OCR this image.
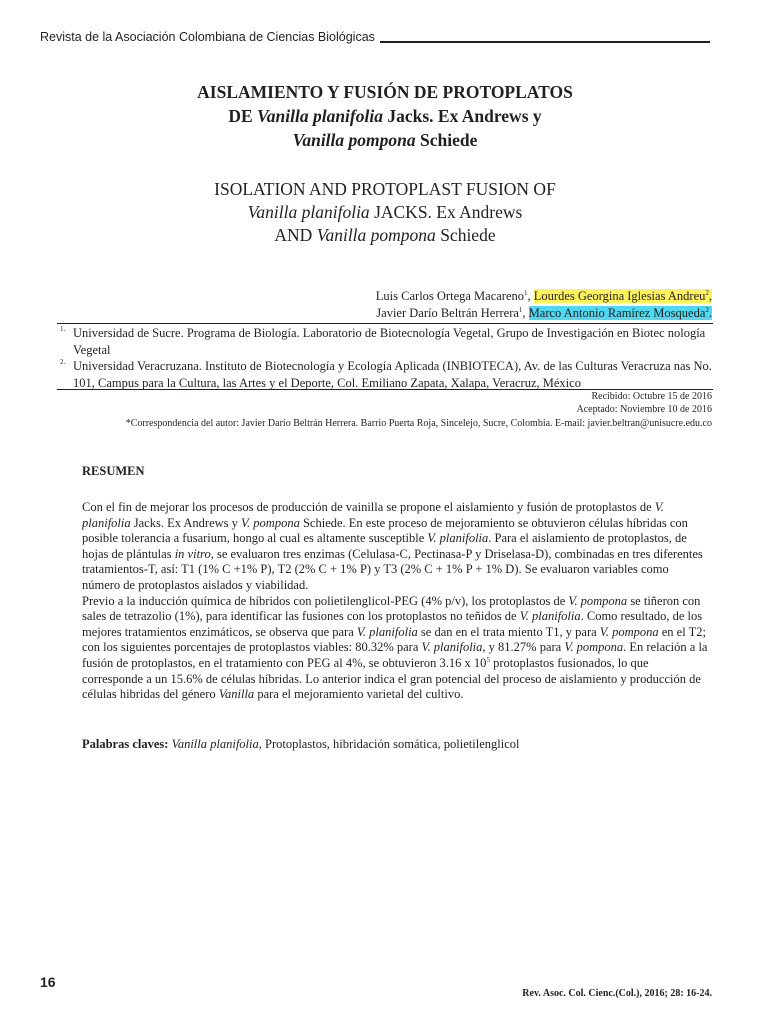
Revista de la Asociación Colombiana de Ciencias Biológicas
AISLAMIENTO Y FUSIÓN DE PROTOPLATOS
DE Vanilla planifolia Jacks. Ex Andrews y
Vanilla pompona Schiede
ISOLATION AND PROTOPLAST FUSION OF
Vanilla planifolia JACKS. Ex Andrews
AND Vanilla pompona Schiede
Luis Carlos Ortega Macareno$^1$, Lourdes Georgina Iglesias Andreu$^2$,
Javier Darío Beltrán Herrera$^1$, Marco Antonio Ramírez Mosqueda$^2$.
1. Universidad de Sucre. Programa de Biología. Laboratorio de Biotecnología Vegetal, Grupo de Investigación en Biotec nología Vegetal
2. Universidad Veracruzana. Instituto de Biotecnología y Ecología Aplicada (INBIOTECA), Av. de las Culturas Veracruza nas No. 101, Campus para la Cultura, las Artes y el Deporte, Col. Emiliano Zapata, Xalapa, Veracruz, México
Recibido: Octubre 15 de 2016
Aceptado: Noviembre 10 de 2016
*Correspondencia del autor: Javier Darío Beltrán Herrera. Barrio Puerta Roja, Sincelejo, Sucre, Colombia. E-mail: javier.beltran@unisucre.edu.co
RESUMEN

Con el fin de mejorar los procesos de producción de vainilla se propone el aislamiento y fusión de protoplastos de V. planifolia Jacks. Ex Andrews y V. pompona Schiede. En este proceso de mejoramiento se obtuvieron células híbridas con posible tolerancia a fusarium, hongo al cual es altamente susceptible V. planifolia. Para el aislamiento de protoplastos, de hojas de plántulas in vitro, se evaluaron tres enzimas (Celulasa-C, Pectinasa-P y Driselasa-D), combinadas en tres diferentes tratamientos-T, así: T1 (1% C +1% P), T2 (2% C + 1% P) y T3 (2% C + 1% P + 1% D). Se evaluaron variables como número de protoplastos aislados y viabilidad.

Previo a la inducción química de híbridos con polietilenglicol-PEG (4% p/v), los protoplastos de V. pompona se tiñeron con sales de tetrazolio (1%), para identificar las fusiones con los protoplastos no teñidos de V. planifolia. Como resultado, de los mejores tratamientos enzimáticos, se observa que para V. planifolia se dan en el trata miento T1, y para V. pompona en el T2; con los siguientes porcentajes de protoplastos viables: 80.32% para V. planifolia, y 81.27% para V. pompona. En relación a la fusión de protoplastos, en el tratamiento con PEG al 4%, se obtuvieron 3.16 x $10^5$ protoplastos fusionados, lo que corresponde a un 15.6% de células híbridas. Lo anterior indica el gran potencial del proceso de aislamiento y producción de células hibridas del género Vanilla para el mejoramiento varietal del cultivo.

Palabras claves: Vanilla planifolia, Protoplastos, hibridación somática, polietilenglicol
16
Rev. Asoc. Col. Cienc.(Col.), 2016; 28: 16-24.
